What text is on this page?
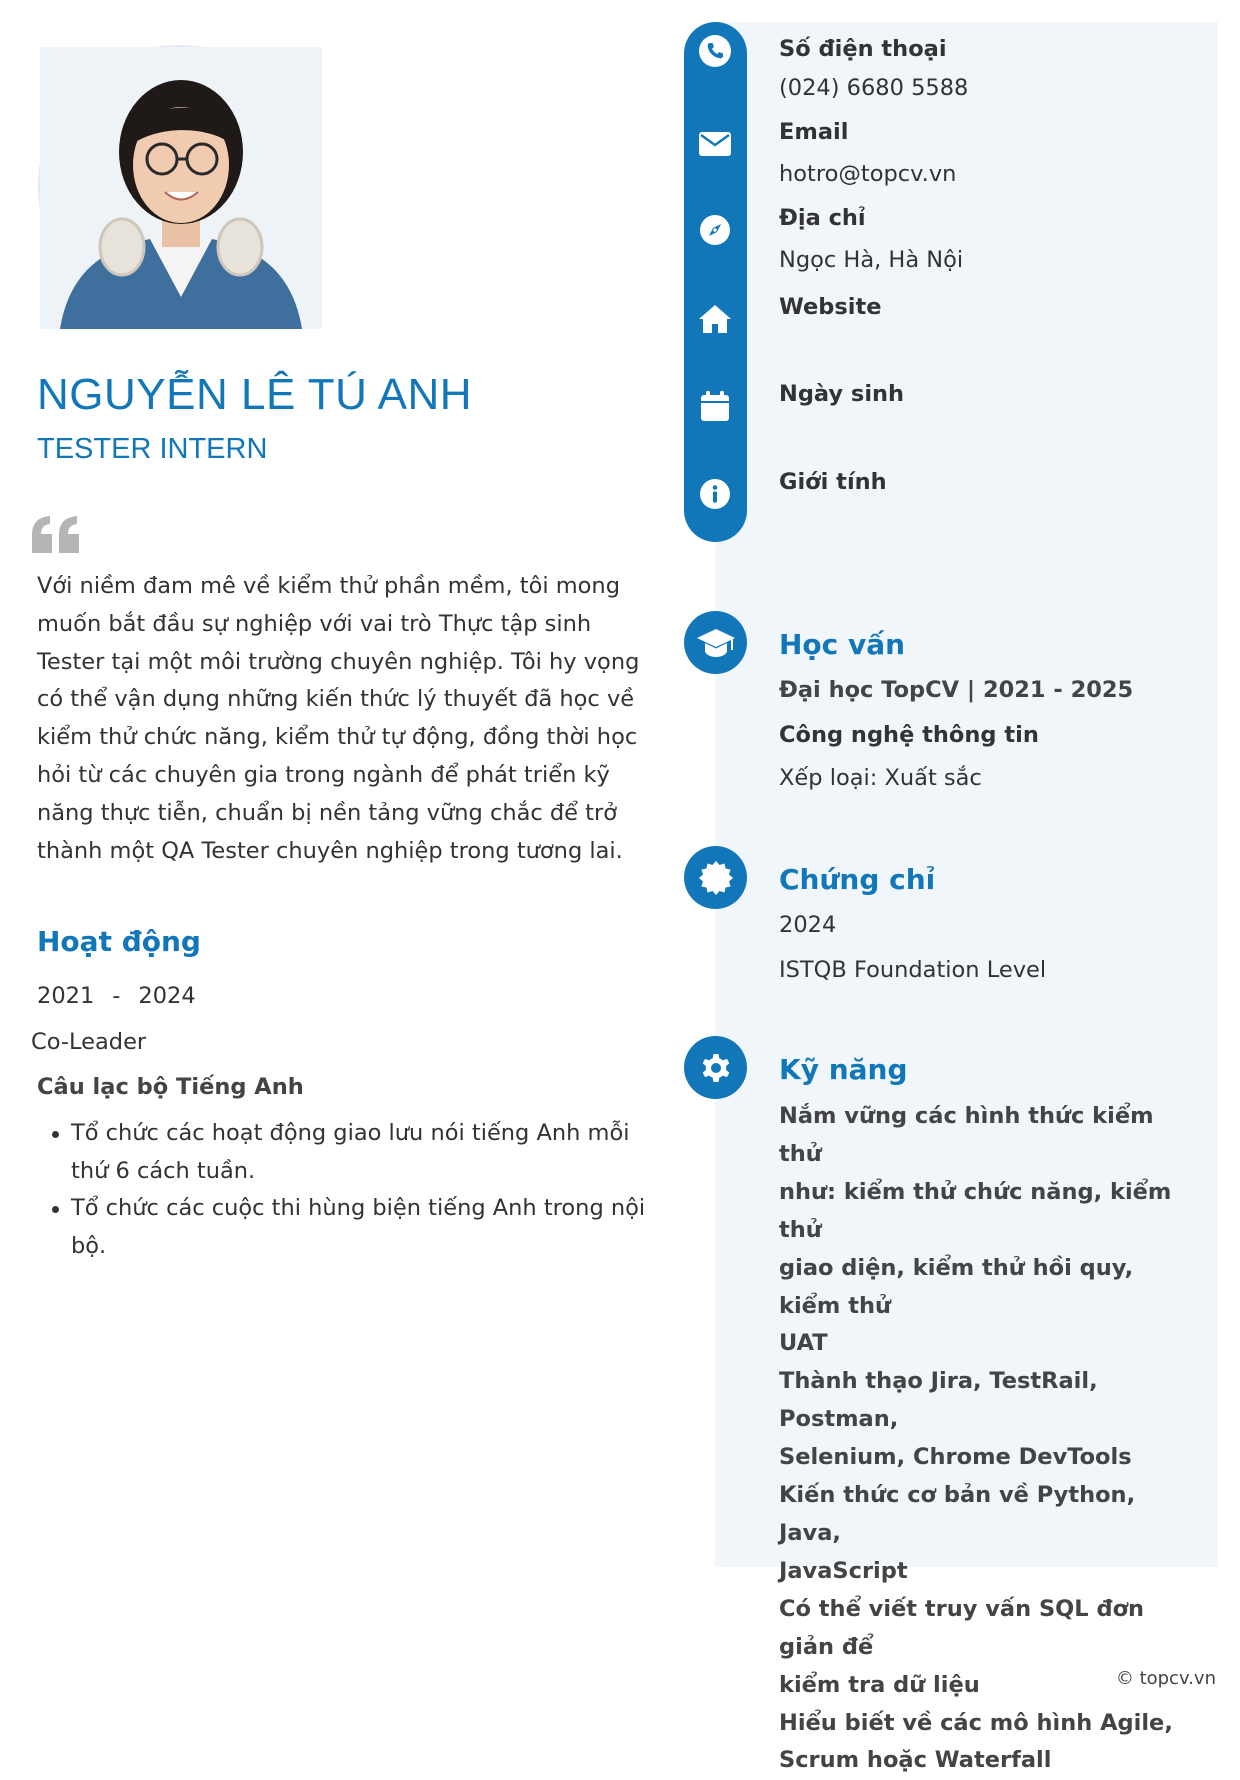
NGUYỄN LÊ TÚ ANH
TESTER INTERN
Với niềm đam mê về kiểm thử phần mềm, tôi mong muốn bắt đầu sự nghiệp với vai trò Thực tập sinh Tester tại một môi trường chuyên nghiệp. Tôi hy vọng có thể vận dụng những kiến thức lý thuyết đã học về kiểm thử chức năng, kiểm thử tự động, đồng thời học hỏi từ các chuyên gia trong ngành để phát triển kỹ năng thực tiễn, chuẩn bị nền tảng vững chắc để trở thành một QA Tester chuyên nghiệp trong tương lai.
Hoạt động
2021 - 2024
Co-Leader
Câu lạc bộ Tiếng Anh
Tổ chức các hoạt động giao lưu nói tiếng Anh mỗi thứ 6 cách tuần.
Tổ chức các cuộc thi hùng biện tiếng Anh trong nội bộ.
Số điện thoại
(024) 6680 5588
Email
hotro@topcv.vn
Địa chỉ
Ngọc Hà, Hà Nội
Website
Ngày sinh
Giới tính
Học vấn
Đại học TopCV | 2021 - 2025
Công nghệ thông tin
Xếp loại: Xuất sắc
Chứng chỉ
2024
ISTQB Foundation Level
Kỹ năng
Nắm vững các hình thức kiểm thử
như: kiểm thử chức năng, kiểm thử
giao diện, kiểm thử hồi quy, kiểm thử
UAT
Thành thạo Jira, TestRail, Postman,
Selenium, Chrome DevTools
Kiến thức cơ bản về Python, Java,
JavaScript
Có thể viết truy vấn SQL đơn giản để
kiểm tra dữ liệu
Hiểu biết về các mô hình Agile,
Scrum hoặc Waterfall
© topcv.vn
